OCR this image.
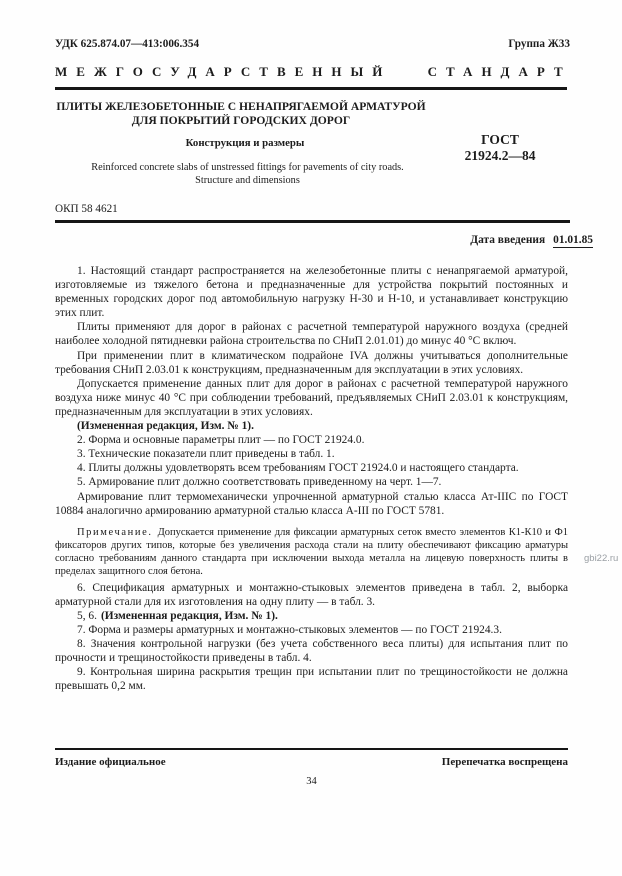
УДК 625.874.07—413:006.354	Группа Ж33
МЕЖГОСУДАРСТВЕННЫЙ СТАНДАРТ
ПЛИТЫ ЖЕЛЕЗОБЕТОННЫЕ С НЕНАПРЯГАЕМОЙ АРМАТУРОЙ
ДЛЯ ПОКРЫТИЙ ГОРОДСКИХ ДОРОГ
ГОСТ
21924.2—84
Конструкция и размеры
Reinforced concrete slabs of unstressed fittings for pavements of city roads.
Structure and dimensions
ОКП 58 4621
Дата введения 01.01.85

1. Настоящий стандарт распространяется на железобетонные плиты с ненапрягаемой арматурой, изготовляемые из тяжелого бетона и предназначенные для устройства покрытий постоянных и временных городских дорог под автомобильную нагрузку Н-30 и Н-10, и устанавливает конструкцию этих плит.

Плиты применяют для дорог в районах с расчетной температурой наружного воздуха (средней наиболее холодной пятидневки района строительства по СНиП 2.01.01) до минус 40 °С включ.

При применении плит в климатическом подрайоне IVA должны учитываться дополнительные требования СНиП 2.03.01 к конструкциям, предназначенным для эксплуатации в этих условиях.

Допускается применение данных плит для дорог в районах с расчетной температурой наружного воздуха ниже минус 40 °С при соблюдении требований, предъявляемых СНиП 2.03.01 к конструкциям, предназначенным для эксплуатации в этих условиях.

(Измененная редакция, Изм. № 1).

2. Форма и основные параметры плит — по ГОСТ 21924.0.

3. Технические показатели плит приведены в табл. 1.

4. Плиты должны удовлетворять всем требованиям ГОСТ 21924.0 и настоящего стандарта.

5. Армирование плит должно соответствовать приведенному на черт. 1—7.

Армирование плит термомеханически упрочненной арматурной сталью класса Ат-IIIС по ГОСТ 10884 аналогично армированию арматурной сталью класса А-III по ГОСТ 5781.

Примечание. Допускается применение для фиксации арматурных сеток вместо элементов К1-К10 и Ф1 фиксаторов других типов, которые без увеличения расхода стали на плиту обеспечивают фиксацию арматуры согласно требованиям данного стандарта при исключении выхода металла на лицевую поверхность плиты в пределах защитного слоя бетона.

6. Спецификация арматурных и монтажно-стыковых элементов приведена в табл. 2, выборка арматурной стали для их изготовления на одну плиту — в табл. 3.

5, 6. (Измененная редакция, Изм. № 1).

7. Форма и размеры арматурных и монтажно-стыковых элементов — по ГОСТ 21924.3.

8. Значения контрольной нагрузки (без учета собственного веса плиты) для испытания плит по прочности и трещиностойкости приведены в табл. 4.

9. Контрольная ширина раскрытия трещин при испытании плит по трещиностойкости не должна превышать 0,2 мм.

gbi22.ru
Издание официальное	Перепечатка воспрещена
34
